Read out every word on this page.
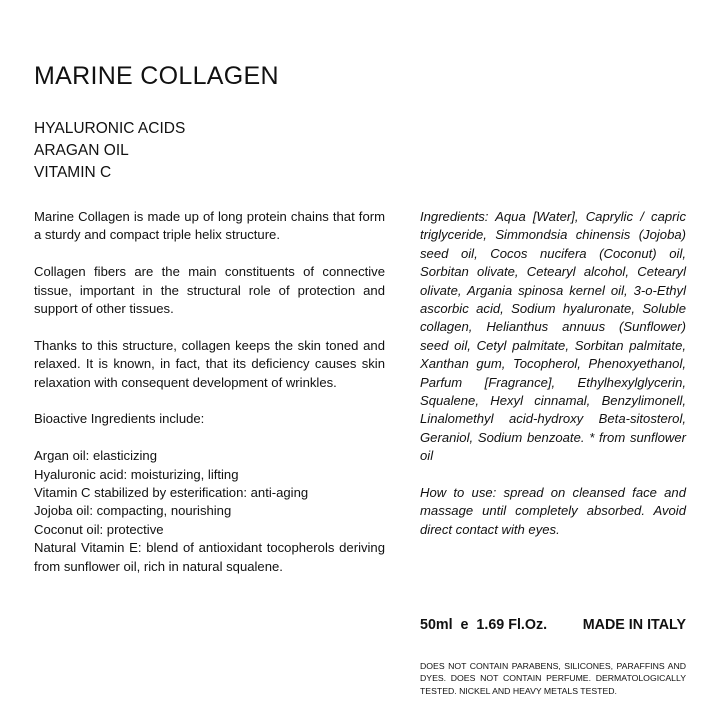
MARINE COLLAGEN
HYALURONIC ACIDS
ARAGAN OIL
VITAMIN C

Marine Collagen is made up of long protein chains that form a sturdy and compact triple helix structure.

Collagen fibers are the main constituents of connective tissue, important in the structural role of protection and support of other tissues.

Thanks to this structure, collagen keeps the skin toned and relaxed. It is known, in fact, that its deficiency causes skin relaxation with consequent development of wrinkles.

Bioactive Ingredients include:

Argan oil: elasticizing
Hyaluronic acid: moisturizing, lifting
Vitamin C stabilized by esterification: anti-aging
Jojoba oil: compacting, nourishing
Coconut oil: protective
Natural Vitamin E: blend of antioxidant tocopherols deriving from sunflower oil, rich in natural squalene.

Ingredients: Aqua [Water], Caprylic / capric triglyceride, Simmondsia chinensis (Jojoba) seed oil, Cocos nucifera (Coconut) oil, Sorbitan olivate, Cetearyl alcohol, Cetearyl olivate, Argania spinosa kernel oil, 3-o-Ethyl ascorbic acid, Sodium hyaluronate, Soluble collagen, Helianthus annuus (Sunflower) seed oil, Cetyl palmitate, Sorbitan palmitate, Xanthan gum, Tocopherol, Phenoxyethanol, Parfum [Fragrance], Ethylhexylglycerin, Squalene, Hexyl cinnamal, Benzylimonell, Linalomethyl acid-hydroxy Beta-sitosterol, Geraniol, Sodium benzoate. * from sunflower oil

How to use: spread on cleansed face and massage until completely absorbed. Avoid direct contact with eyes.

50ml  e  1.69 Fl.Oz. MADE IN ITALY
DOES NOT CONTAIN PARABENS, SILICONES, PARAFFINS AND DYES. DOES NOT CONTAIN PERFUME. DERMATOLOGICALLY TESTED. NICKEL AND HEAVY METALS TESTED.
